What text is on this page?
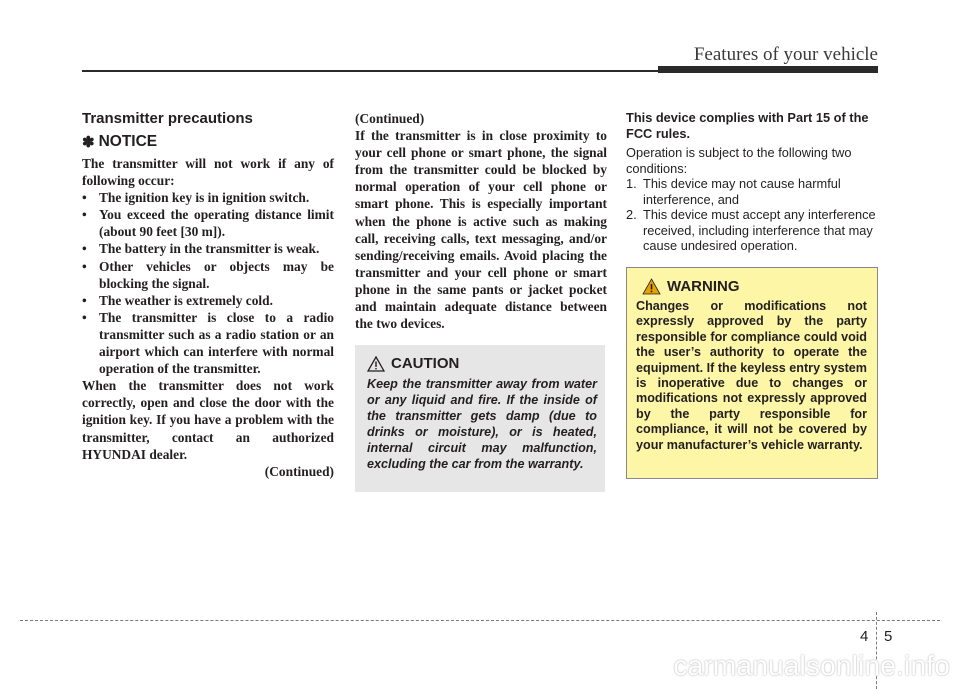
Features of your vehicle
Transmitter precautions
✽ NOTICE

The transmitter will not work if any of following occur:

• The ignition key is in ignition switch.
• You exceed the operating distance limit (about 90 feet [30 m]).
• The battery in the transmitter is weak.
• Other vehicles or objects may be blocking the signal.
• The weather is extremely cold.
• The transmitter is close to a radio transmitter such as a radio station or an airport which can interfere with normal operation of the transmitter.

When the transmitter does not work correctly, open and close the door with the ignition key. If you have a problem with the transmitter, contact an authorized HYUNDAI dealer.

(Continued)

(Continued)

If the transmitter is in close proximity to your cell phone or smart phone, the signal from the transmitter could be blocked by normal operation of your cell phone or smart phone. This is especially important when the phone is active such as making call, receiving calls, text messaging, and/or sending/receiving emails. Avoid placing the transmitter and your cell phone or smart phone in the same pants or jacket pocket and maintain adequate distance between the two devices.

CAUTION

Keep the transmitter away from water or any liquid and fire. If the inside of the transmitter gets damp (due to drinks or moisture), or is heated, internal circuit may malfunction, excluding the car from the warranty.

This device complies with Part 15 of the FCC rules.

Operation is subject to the following two conditions:

1. This device may not cause harmful interference, and
2. This device must accept any interference received, including interference that may cause undesired operation.
WARNING

Changes or modifications not expressly approved by the party responsible for compliance could void the user’s authority to operate the equipment. If the keyless entry system is inoperative due to changes or modifications not expressly approved by the party responsible for compliance, it will not be covered by your manufacturer’s vehicle warranty.

4 5
carmanualsonline.info
